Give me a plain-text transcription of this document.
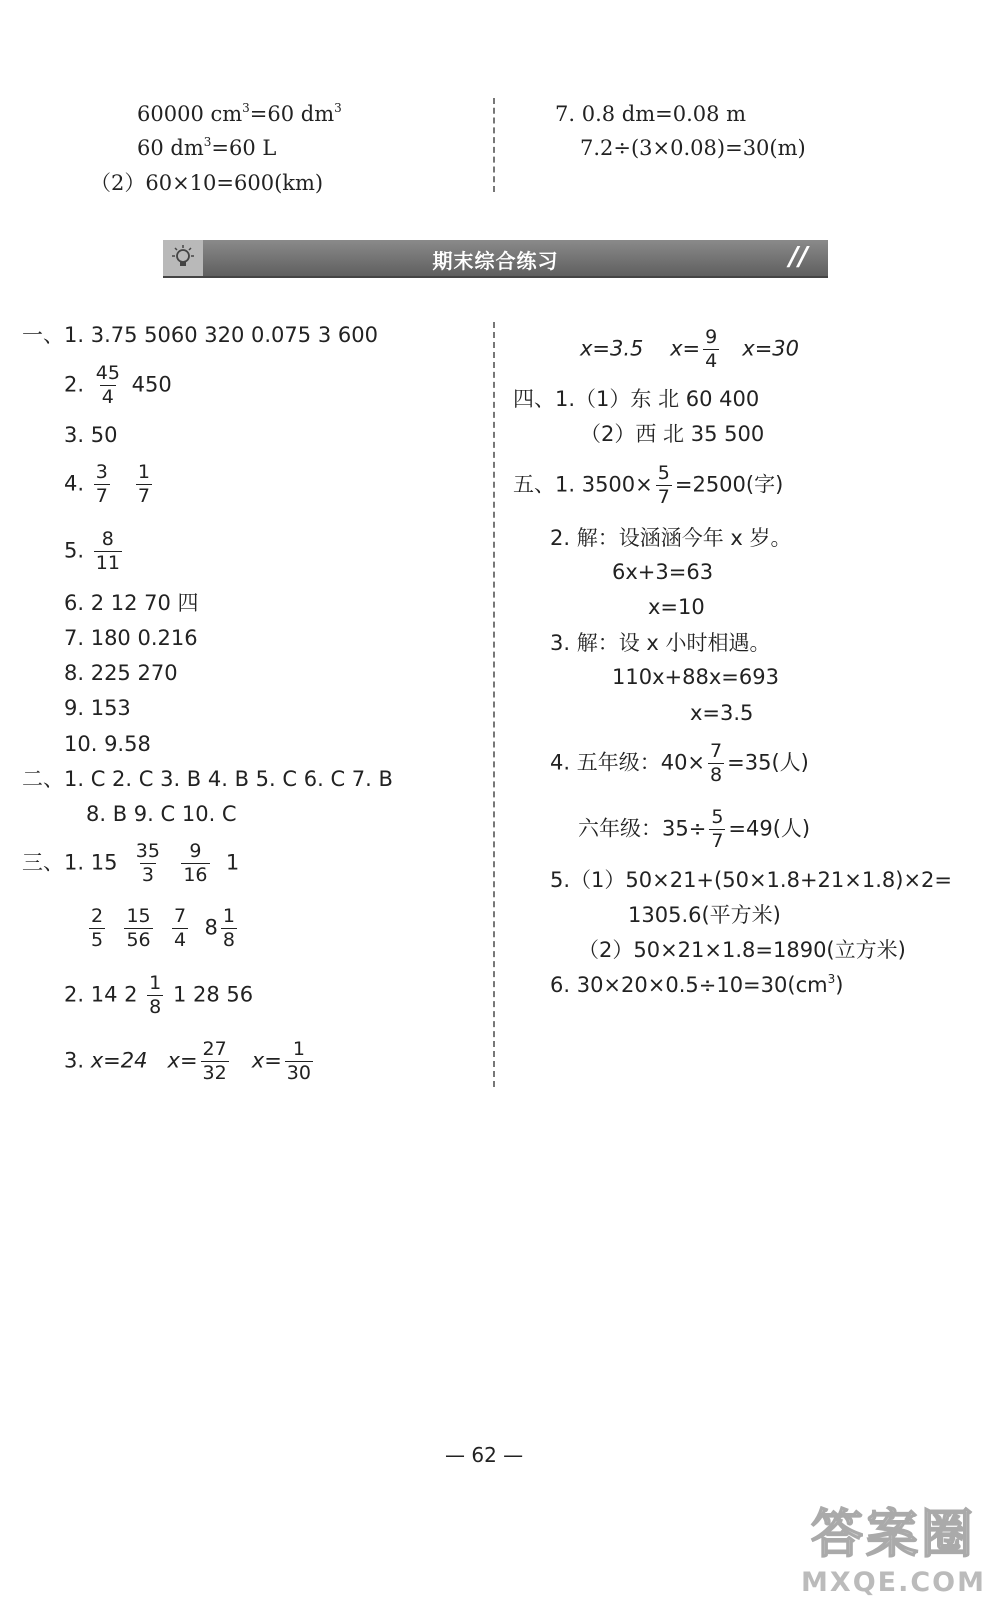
60000 $cm^3=60$ $dm^3$
60 $dm^3=60$ L
（2）60×10=600(km)
7. 0.8 dm=0.08 m
7.2÷(3×0.08)=30(m)
期末综合练习	//
一、1. 3.75 5060 320 0.075 3 600
2. $\frac{45}{4} 450$
3. 50
4. $\frac{3}{7}$
$\frac{1}{7}$
5. $\frac{8}{11}$
6. 2 12 70 四
7. 180 0.216
8. 225 270
9. 153
10. 9.58
二、1. C 2. C 3. B 4. B 5. C 6. C 7. B
8. B 9. C 10. C
三、1. $15 \frac{35}{3}$
$\frac{9}{16} 1$
$\frac{2}{5}$
$\frac{15}{56}$
$\frac{7}{4} 8 \frac{1}{8}$
2. 14 $2 \frac{1}{8} 1$ 28 56
3. x=24 $x= \frac{27}{32} x= \frac{1}{30}$
x=3.5 $x= \frac{9}{4} x=30$
四、1.（1）东 北 60 400
（2）西 北 35 500
五、1. $3500\times \frac{5}{7} =2500$(字)
2. 解：设涵涵今年 x 岁。
6x+3=63
x=10
3. 解：设 x 小时相遇。
110x+88x=693
x=3.5
4. 五年级：$40\times \frac{7}{8} =35$(人)
六年级：$35\div \frac{5}{7} =49$(人)
5.（1）50×21+(50×1.8+21×1.8)×2=
1305.6(平方米)
（2）50×21×1.8=1890(立方米)
6. $30\times 20\times 0.5\div 10=30(cm^3)$
— 62 —
答案圈
MXQE.COM
